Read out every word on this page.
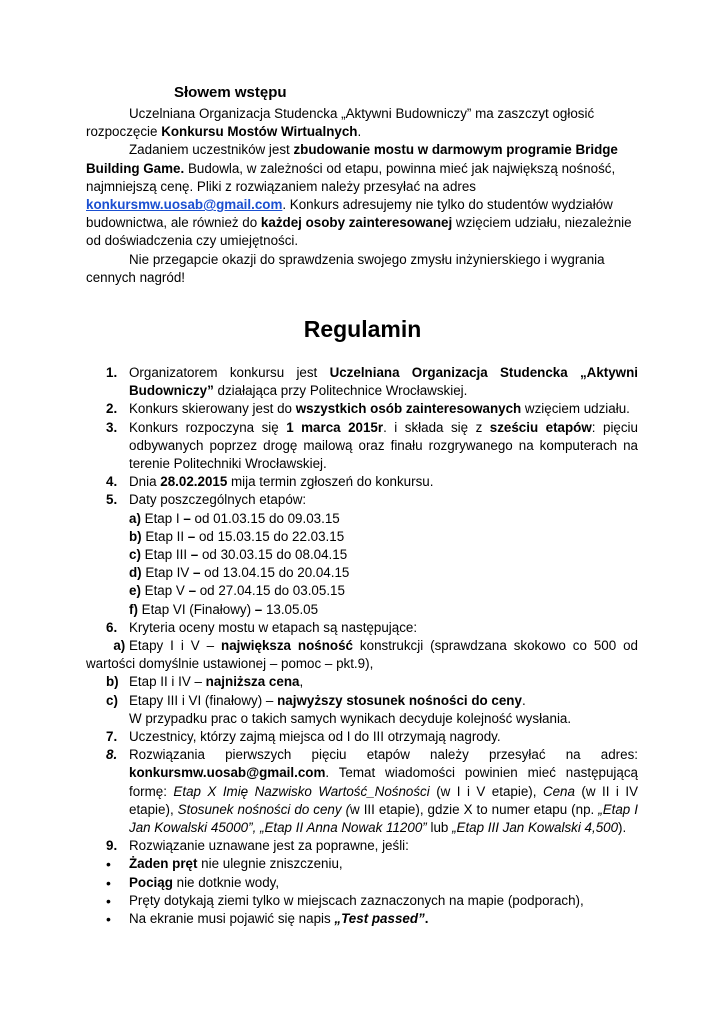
Słowem wstępu

Uczelniana Organizacja Studencka „Aktywni Budowniczy” ma zaszczyt ogłosić rozpoczęcie Konkursu Mostów Wirtualnych.

Zadaniem uczestników jest zbudowanie mostu w darmowym programie Bridge Building Game. Budowla, w zależności od etapu, powinna mieć jak największą nośność, najmniejszą cenę. Pliki z rozwiązaniem należy przesyłać na adres konkursmw.uosab@gmail.com. Konkurs adresujemy nie tylko do studentów wydziałów budownictwa, ale również do każdej osoby zainteresowanej wzięciem udziału, niezależnie od doświadczenia czy umiejętności.

Nie przegapcie okazji do sprawdzenia swojego zmysłu inżynierskiego i wygrania cennych nagród!

Regulamin
1. Organizatorem konkursu jest Uczelniana Organizacja Studencka „Aktywni Budowniczy” działająca przy Politechnice Wrocławskiej.
2. Konkurs skierowany jest do wszystkich osób zainteresowanych wzięciem udziału.
3. Konkurs rozpoczyna się 1 marca 2015r. i składa się z sześciu etapów: pięciu odbywanych poprzez drogę mailową oraz finału rozgrywanego na komputerach na terenie Politechniki Wrocławskiej.
4. Dnia 28.02.2015 mija termin zgłoszeń do konkursu.
5. Daty poszczególnych etapów:
a) Etap I – od 01.03.15 do 09.03.15
b) Etap II – od 15.03.15 do 22.03.15
c) Etap III – od 30.03.15 do 08.04.15
d) Etap IV – od 13.04.15 do 20.04.15
e) Etap V – od 27.04.15 do 03.05.15
f) Etap VI (Finałowy) – 13.05.05
6. Kryteria oceny mostu w etapach są następujące:
a) Etapy I i V – największa nośność konstrukcji (sprawdzana skokowo co 500 od wartości domyślnie ustawionej – pomoc – pkt.9),
b) Etap II i IV – najniższa cena,
c) Etapy III i VI (finałowy) – najwyższy stosunek nośności do ceny.
W przypadku prac o takich samych wynikach decyduje kolejność wysłania.
7. Uczestnicy, którzy zajmą miejsca od I do III otrzymają nagrody.
8. Rozwiązania pierwszych pięciu etapów należy przesyłać na adres: konkursmw.uosab@gmail.com. Temat wiadomości powinien mieć następującą formę: Etap X Imię Nazwisko Wartość_Nośności (w I i V etapie), Cena (w II i IV etapie), Stosunek nośności do ceny (w III etapie), gdzie X to numer etapu (np. „Etap I Jan Kowalski 45000”, „Etap II Anna Nowak 11200” lub „Etap III Jan Kowalski 4,500).
9. Rozwiązanie uznawane jest za poprawne, jeśli:
• Żaden pręt nie ulegnie zniszczeniu,
• Pociąg nie dotknie wody,
• Pręty dotykają ziemi tylko w miejscach zaznaczonych na mapie (podporach),
• Na ekranie musi pojawić się napis „Test passed”.
